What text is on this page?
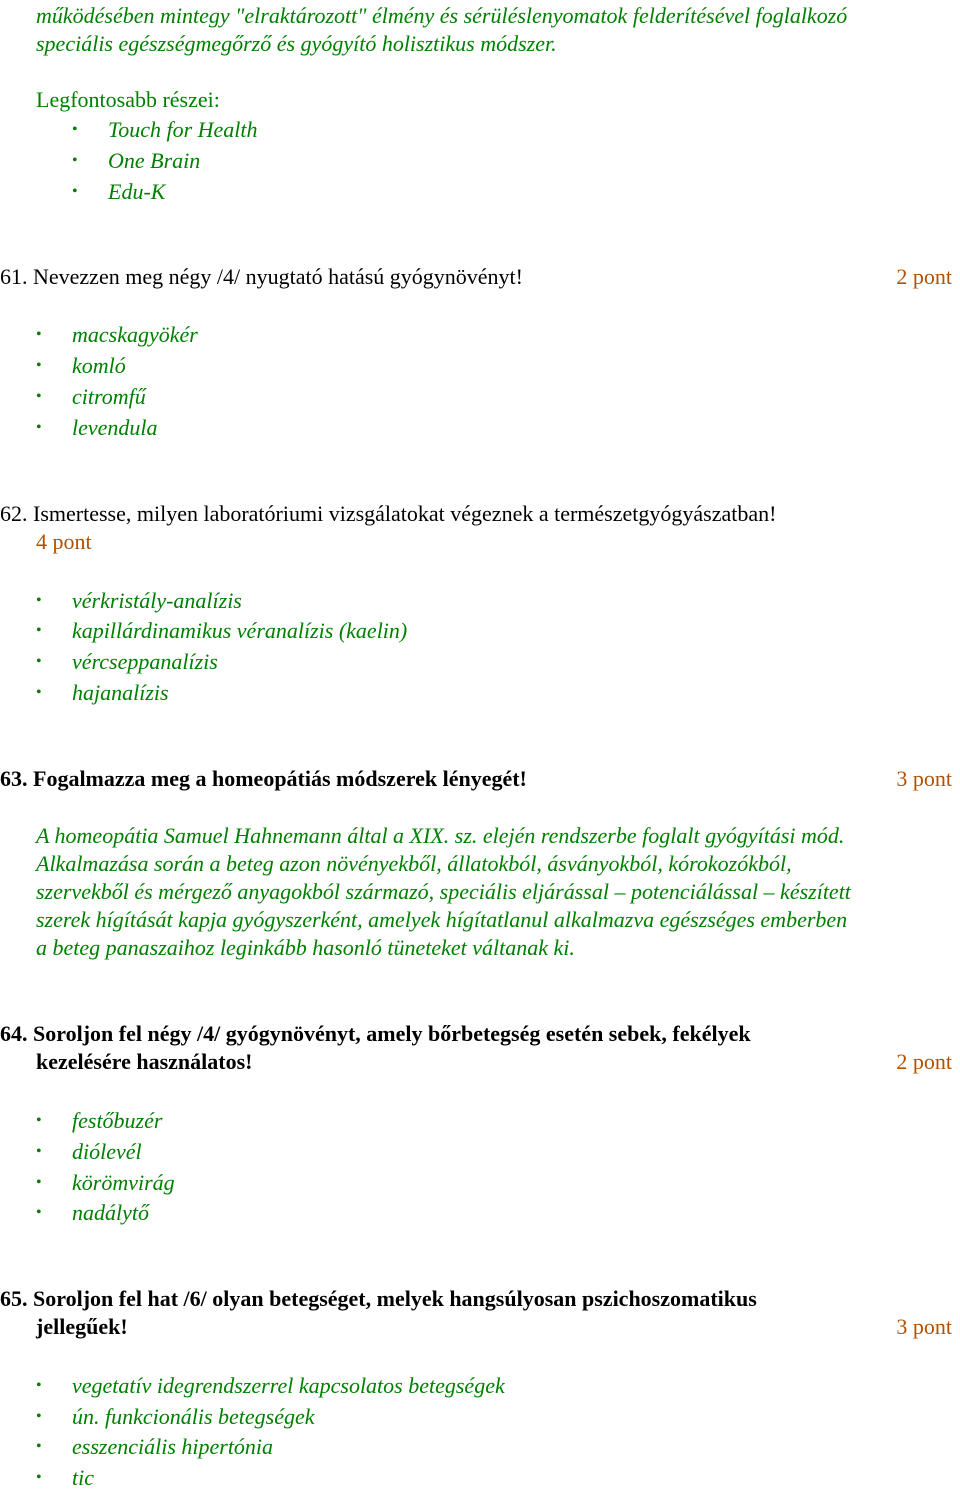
működésében mintegy "elraktározott" élmény és sérüléslenyomatok felderítésével foglalkozó
speciális egészségmegőrző és gyógyító holisztikus módszer.
Legfontosabb részei:
• Touch for Health
• One Brain
• Edu-K
61. Nevezzen meg négy /4/ nyugtató hatású gyógynövényt!	2 pont
• macskagyökér
• komló
• citromfű
• levendula
62. Ismertesse, milyen laboratóriumi vizsgálatokat végeznek a természetgyógyászatban!
4 pont
• vérkristály-analízis
• kapillárdinamikus véranalízis (kaelin)
• vércseppanalízis
• hajanalízis
63. Fogalmazza meg a homeopátiás módszerek lényegét!	3 pont
A homeopátia Samuel Hahnemann által a XIX. sz. elején rendszerbe foglalt gyógyítási mód.
Alkalmazása során a beteg azon növényekből, állatokból, ásványokból, kórokozókból,
szervekből és mérgező anyagokból származó, speciális eljárással – potenciálással – készített
szerek hígítását kapja gyógyszerként, amelyek hígítatlanul alkalmazva egészséges emberben
a beteg panaszaihoz leginkább hasonló tüneteket váltanak ki.
64. Soroljon fel négy /4/ gyógynövényt, amely bőrbetegség esetén sebek, fekélyek
kezelésére használatos!	2 pont
• festőbuzér
• diólevél
• körömvirág
• nadálytő
65. Soroljon fel hat /6/ olyan betegséget, melyek hangsúlyosan pszichoszomatikus
jellegűek!	3 pont
• vegetatív idegrendszerrel kapcsolatos betegségek
• ún. funkcionális betegségek
• esszenciális hipertónia
• tic
